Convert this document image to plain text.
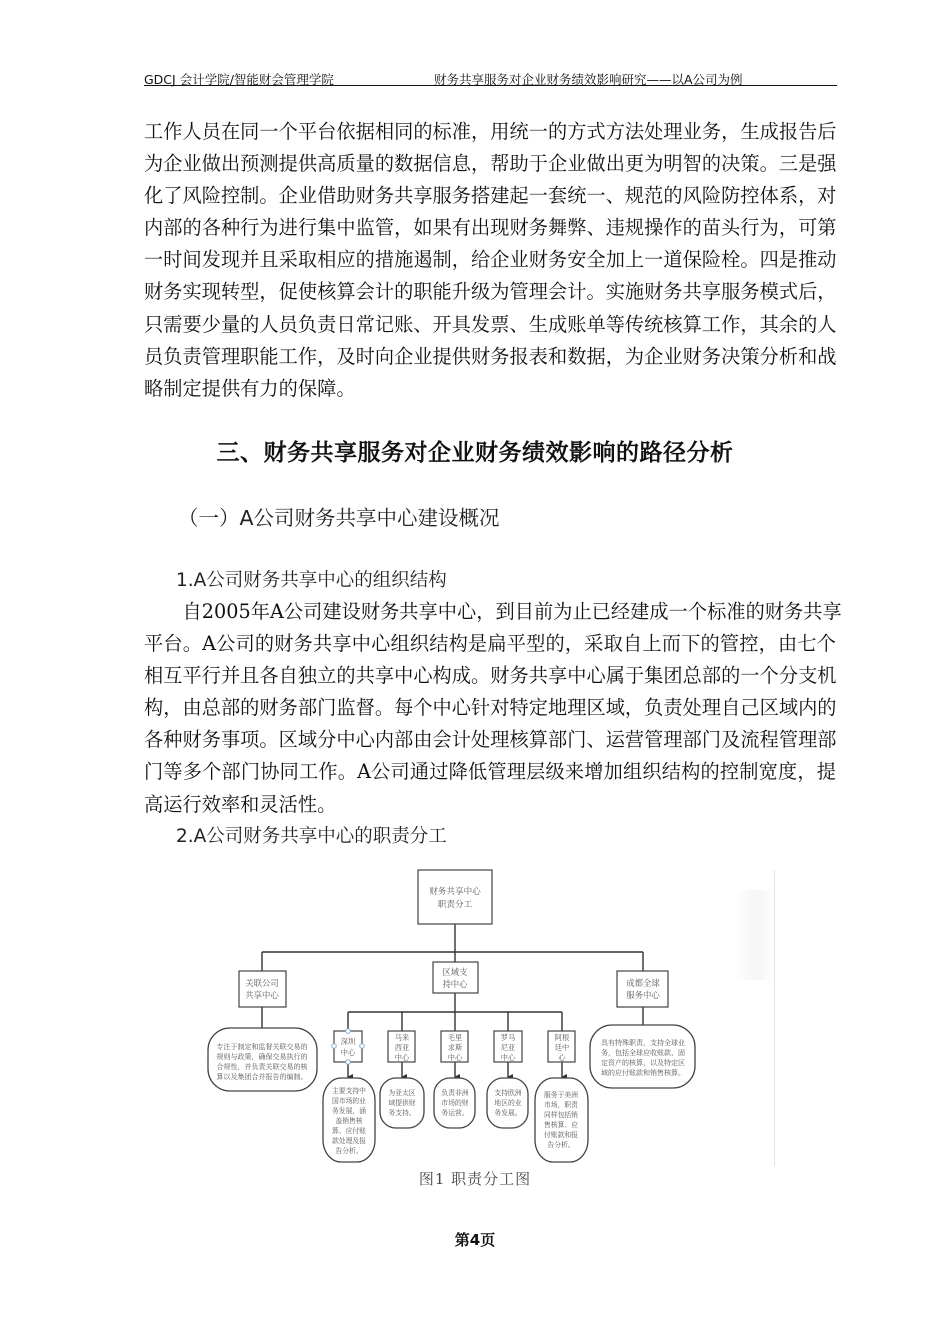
GDCJ 会计学院/智能财会管理学院	财务共享服务对企业财务绩效影响研究——以A公司为例
工作人员在同一个平台依据相同的标准，用统一的方式方法处理业务，生成报告后
为企业做出预测提供高质量的数据信息，帮助于企业做出更为明智的决策。三是强
化了风险控制。企业借助财务共享服务搭建起一套统一、规范的风险防控体系，对
内部的各种行为进行集中监管，如果有出现财务舞弊、违规操作的苗头行为，可第
一时间发现并且采取相应的措施遏制，给企业财务安全加上一道保险栓。四是推动
财务实现转型，促使核算会计的职能升级为管理会计。实施财务共享服务模式后，
只需要少量的人员负责日常记账、开具发票、生成账单等传统核算工作，其余的人
员负责管理职能工作，及时向企业提供财务报表和数据，为企业财务决策分析和战
略制定提供有力的保障。
三、财务共享服务对企业财务绩效影响的路径分析
（一）A公司财务共享中心建设概况
1.A公司财务共享中心的组织结构
　　自2005年A公司建设财务共享中心，到目前为止已经建成一个标准的财务共享
平台。A公司的财务共享中心组织结构是扁平型的，采取自上而下的管控，由七个
相互平行并且各自独立的共享中心构成。财务共享中心属于集团总部的一个分支机
构，由总部的财务部门监督。每个中心针对特定地理区域，负责处理自己区域内的
各种财务事项。区域分中心内部由会计处理核算部门、运营管理部门及流程管理部
门等多个部门协同工作。A公司通过降低管理层级来增加组织结构的控制宽度，提
高运行效率和灵活性。
2.A公司财务共享中心的职责分工
财务共享中心
职责分工
关联公司
共享中心
区域支
持中心	成都全球
服务中心
专注于制定和监督关联交易的
规则与政策，确保交易执行的
合规性，并负责关联交易的核
算以及集团合并报告的编制。
具有特殊职责，支持全球业
务，包括全球应收账款、固
定资产的核算，以及特定区
域的应付账款和销售核算。
深圳
中心
马来
西亚
中心
毛里
求斯
中心
罗马
尼亚
中心
阿根
廷中
心
主要支持中
国市场的业
务发展，涵
盖销售核
算、应付账
款处理及报
告分析。
为亚太区
域提供财
务支持。
负责非洲
市场的财
务运营。
支持欧洲
地区的业
务发展。
服务于美洲
市场，职责
同样包括销
售核算、应
付账款和报
告分析。
图1 职责分工图
第4页
